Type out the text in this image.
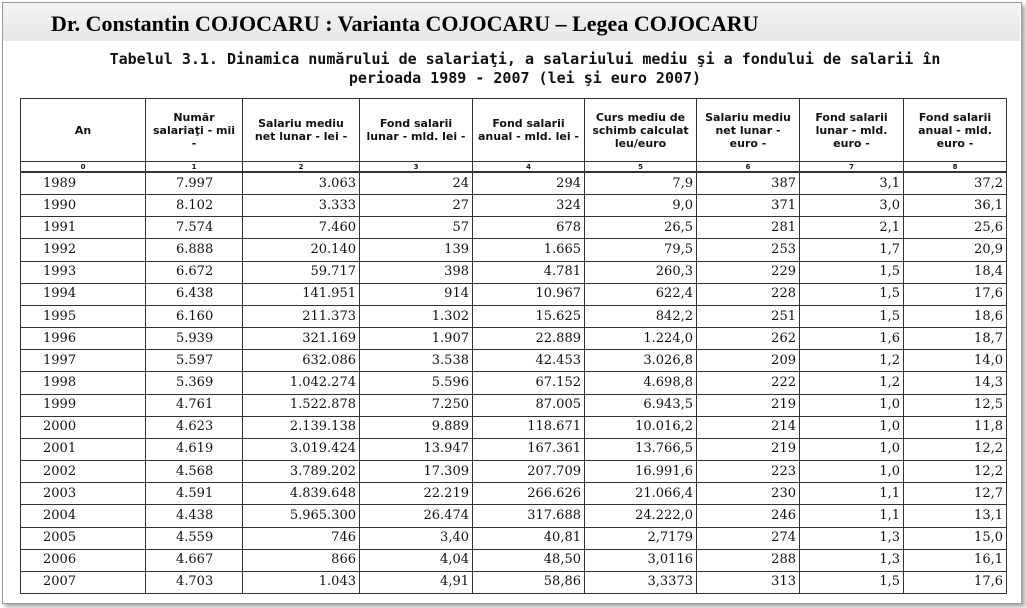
Dr. Constantin COJOCARU : Varianta COJOCARU – Legea COJOCARU
Tabelul 3.1. Dinamica numărului de salariaţi, a salariului mediu şi a fondului de salarii în
perioada 1989 - 2007 (lei şi euro 2007)
An	Număr salariaţi - mii -	Salariu mediu net lunar - lei -	Fond salarii lunar - mld. lei -	Fond salarii anual - mld. lei -	Curs mediu de schimb calculat leu/euro	Salariu mediu net lunar - euro -	Fond salarii lunar - mld. euro -	Fond salarii anual - mld. euro -
0	1	2	3	4	5	6	7	8
1989	7.997	3.063	24	294	7,9	387	3,1	37,2
1990	8.102	3.333	27	324	9,0	371	3,0	36,1
1991	7.574	7.460	57	678	26,5	281	2,1	25,6
1992	6.888	20.140	139	1.665	79,5	253	1,7	20,9
1993	6.672	59.717	398	4.781	260,3	229	1,5	18,4
1994	6.438	141.951	914	10.967	622,4	228	1,5	17,6
1995	6.160	211.373	1.302	15.625	842,2	251	1,5	18,6
1996	5.939	321.169	1.907	22.889	1.224,0	262	1,6	18,7
1997	5.597	632.086	3.538	42.453	3.026,8	209	1,2	14,0
1998	5.369	1.042.274	5.596	67.152	4.698,8	222	1,2	14,3
1999	4.761	1.522.878	7.250	87.005	6.943,5	219	1,0	12,5
2000	4.623	2.139.138	9.889	118.671	10.016,2	214	1,0	11,8
2001	4.619	3.019.424	13.947	167.361	13.766,5	219	1,0	12,2
2002	4.568	3.789.202	17.309	207.709	16.991,6	223	1,0	12,2
2003	4.591	4.839.648	22.219	266.626	21.066,4	230	1,1	12,7
2004	4.438	5.965.300	26.474	317.688	24.222,0	246	1,1	13,1
2005	4.559	746	3,40	40,81	2,7179	274	1,3	15,0
2006	4.667	866	4,04	48,50	3,0116	288	1,3	16,1
2007	4.703	1.043	4,91	58,86	3,3373	313	1,5	17,6
